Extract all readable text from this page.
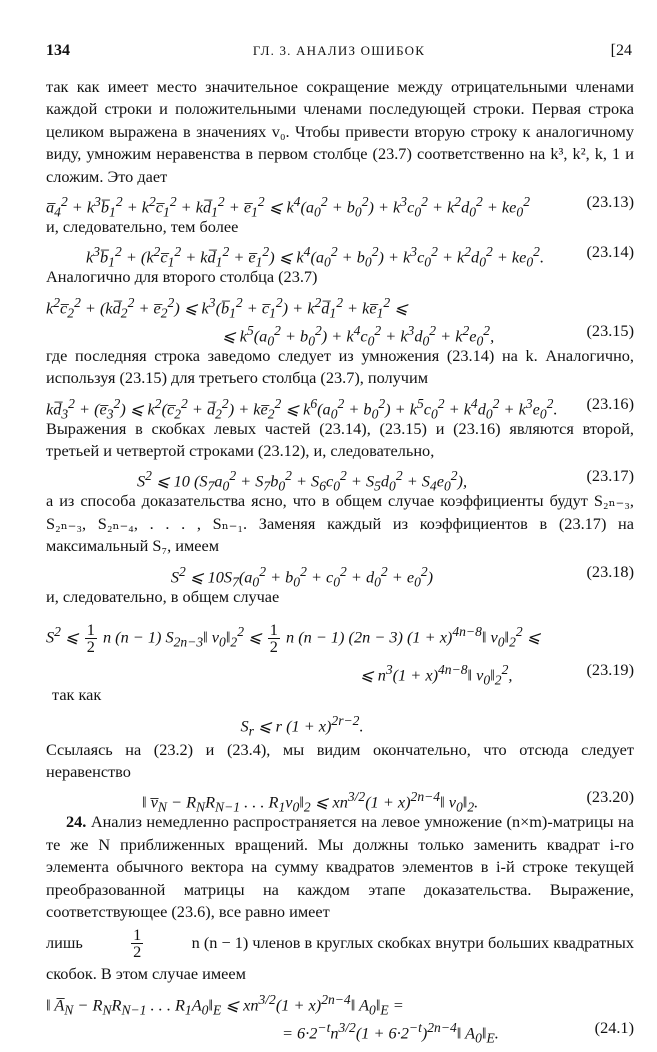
134	ГЛ. 3. АНАЛИЗ ОШИБОК	[24

так как имеет место значительное сокращение между отрицательными членами каждой строки и положительными членами последующей строки. Первая строка целиком выражена в значениях v₀. Чтобы привести вторую строку к аналогичному виду, умножим неравенства в первом столбце (23.7) соответственно на k³, k², k, 1 и сложим. Это дает

$a̅_4^2$ + $k^3b̅_1^2$ + $k^2c̅_1^2$ + $kd̅_1^2$ + $e̅_1^2$ ⩽ $k^4(a_0^2 + b_0^2) + k^3c_0^2 + k^2d_0^2 + ke_0^2$	(23.13)

и, следовательно, тем более

$k^3b̅_1^2$ + ($k^2c̅_1^2$ + $kd̅_1^2$ + $e̅_1^2$) ⩽ $k^4(a_0^2 + b_0^2) + k^3c_0^2 + k^2d_0^2 + ke_0^2$.	(23.14)

Аналогично для второго столбца (23.7)

$k^2c̅_2^2$ + ($kd̅_2^2$ + $e̅_2^2$) ⩽ $k^3(b̅_1^2$ + $c̅_1^2$) + $k^2d̅_1^2$ + $ke̅_1^2$ ⩽
⩽ $k^5(a_0^2 + b_0^2) + k^4c_0^2 + k^3d_0^2 + k^2e_0^2$,	(23.15)

где последняя строка заведомо следует из умножения (23.14) на k. Аналогично, используя (23.15) для третьего столбца (23.7), получим

$kd̅_3^2$ + $(e̅_3^2)$ ⩽ $k^2(c̅_2^2$ + $d̅_2^2$) + $ke̅_2^2$ ⩽ $k^6(a_0^2 + b_0^2) + k^5c_0^2 + k^4d_0^2 + k^3e_0^2$. (23.16)

Выражения в скобках левых частей (23.14), (23.15) и (23.16) являются второй, третьей и четвертой строками (23.12), и, следовательно,

$S^2$ ⩽ 10 $(S_7a_0^2 + S_7b_0^2 + S_6c_0^2 + S_5d_0^2 + S_4e_0^2)$,	(23.17)

а из способа доказательства ясно, что в общем случае коэффициенты будут S₂ₙ₋₃, S₂ₙ₋₃, S₂ₙ₋₄, . . . , Sₙ₋₁. Заменяя каждый из коэффициентов в (23.17) на максимальный S₇, имеем

$S^2$ ⩽ $10S_7(a_0^2 + b_0^2 + c_0^2 + d_0^2 + e_0^2)$	(23.18)

и, следовательно, в общем случае

$S^2$ ⩽ $\frac{1}{2}$ n (n − 1) $S_{2n-3}‖$ $v_0‖_2^2$ ⩽ $\frac{1}{2}$ n (n − 1) (2n − 3) $(1 + x)^{4n-8}‖$ $v_0‖_2^2$ ⩽
⩽ $n^3(1$ + $x)^{4n-8}‖$ $v_0‖_2^2$,	(23.19)

так как

$S_r$ ⩽ r $(1 + x)^{2r-2}$.

Ссылаясь на (23.2) и (23.4), мы видим окончательно, что отсюда следует неравенство

‖ $v̅_N - R_NR_{N-1}$ . . . $R_1v_0‖_2$ ⩽ $xn^{3/2}(1$ + $x)^{2n-4}‖$ $v_0‖_2$.	(23.20)

24. Анализ немедленно распространяется на левое умножение (n×m)-матрицы на те же N приближенных вращений. Мы должны только заменить квадрат i-го элемента обычного вектора на сумму квадратов элементов в i-й строке текущей преобразованной матрицы на каждом этапе доказательства. Выражение, соответствующее (23.6), все равно имеет

лишь	1
2	n (n − 1) членов в круглых скобках внутри больших квадратных

скобок. В этом случае имеем

‖ $A̅_N - R_NR_{N-1}$ . . . $R_1A_0‖_E$ ⩽ $xn^{3/2}(1$ + $x)^{2n-4}‖$ $A_0‖_E$ =
= $6\cdot 2^{-t}n^{3/2}(1$ + $6\cdot 2^{-t})^{2n-4}‖$ $A_0‖_E$.	(24.1)
